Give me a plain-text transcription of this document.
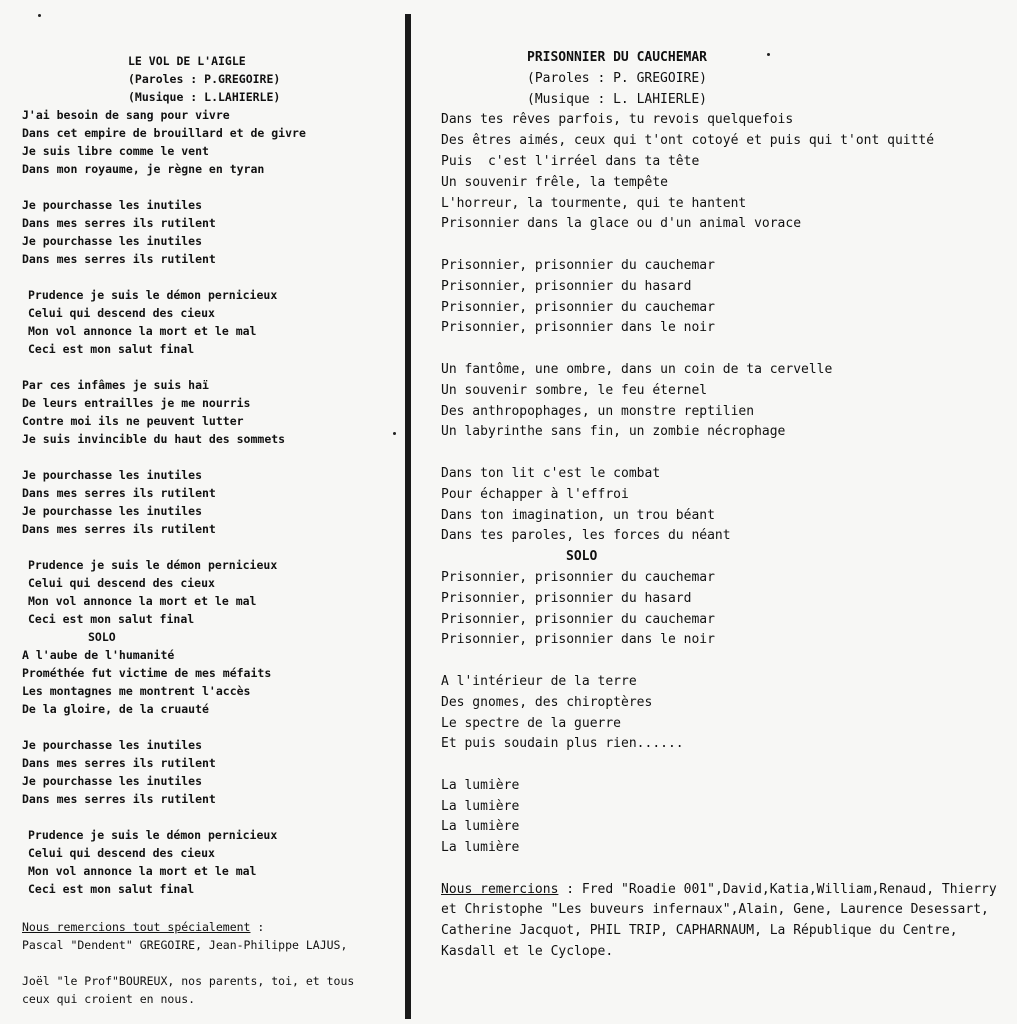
LE VOL DE L'AIGLE
(Paroles : P.GREGOIRE)
(Musique : L.LAHIERLE)
J'ai besoin de sang pour vivre
Dans cet empire de brouillard et de givre
Je suis libre comme le vent
Dans mon royaume, je règne en tyran
Je pourchasse les inutiles
Dans mes serres ils rutilent
Je pourchasse les inutiles
Dans mes serres ils rutilent
Prudence je suis le démon pernicieux
Celui qui descend des cieux
Mon vol annonce la mort et le mal
Ceci est mon salut final
Par ces infâmes je suis haï
De leurs entrailles je me nourris
Contre moi ils ne peuvent lutter
Je suis invincible du haut des sommets
Je pourchasse les inutiles
Dans mes serres ils rutilent
Je pourchasse les inutiles
Dans mes serres ils rutilent
Prudence je suis le démon pernicieux
Celui qui descend des cieux
Mon vol annonce la mort et le mal
Ceci est mon salut final
SOLO
A l'aube de l'humanité
Prométhée fut victime de mes méfaits
Les montagnes me montrent l'accès
De la gloire, de la cruauté
Je pourchasse les inutiles
Dans mes serres ils rutilent
Je pourchasse les inutiles
Dans mes serres ils rutilent
Prudence je suis le démon pernicieux
Celui qui descend des cieux
Mon vol annonce la mort et le mal
Ceci est mon salut final
Nous remercions tout spécialement :
Pascal "Dendent" GREGOIRE, Jean-Philippe LAJUS,
Joël "le Prof"BOUREUX, nos parents, toi, et tous
ceux qui croient en nous.
PRISONNIER DU CAUCHEMAR
(Paroles : P. GREGOIRE)
(Musique : L. LAHIERLE)
Dans tes rêves parfois, tu revois quelquefois
Des êtres aimés, ceux qui t'ont cotoyé et puis qui t'ont quitté
Puis  c'est l'irréel dans ta tête
Un souvenir frêle, la tempête
L'horreur, la tourmente, qui te hantent
Prisonnier dans la glace ou d'un animal vorace
Prisonnier, prisonnier du cauchemar
Prisonnier, prisonnier du hasard
Prisonnier, prisonnier du cauchemar
Prisonnier, prisonnier dans le noir
Un fantôme, une ombre, dans un coin de ta cervelle
Un souvenir sombre, le feu éternel
Des anthropophages, un monstre reptilien
Un labyrinthe sans fin, un zombie nécrophage
Dans ton lit c'est le combat
Pour échapper à l'effroi
Dans ton imagination, un trou béant
Dans tes paroles, les forces du néant
SOLO
Prisonnier, prisonnier du cauchemar
Prisonnier, prisonnier du hasard
Prisonnier, prisonnier du cauchemar
Prisonnier, prisonnier dans le noir
A l'intérieur de la terre
Des gnomes, des chiroptères
Le spectre de la guerre
Et puis soudain plus rien......
La lumière
La lumière
La lumière
La lumière
Nous remercions : Fred "Roadie 001",David,Katia,William,Renaud, Thierry et Christophe "Les buveurs infernaux",Alain, Gene, Laurence Desessart, Catherine Jacquot, PHIL TRIP, CAPHARNAUM, La République du Centre, Kasdall et le Cyclope.
